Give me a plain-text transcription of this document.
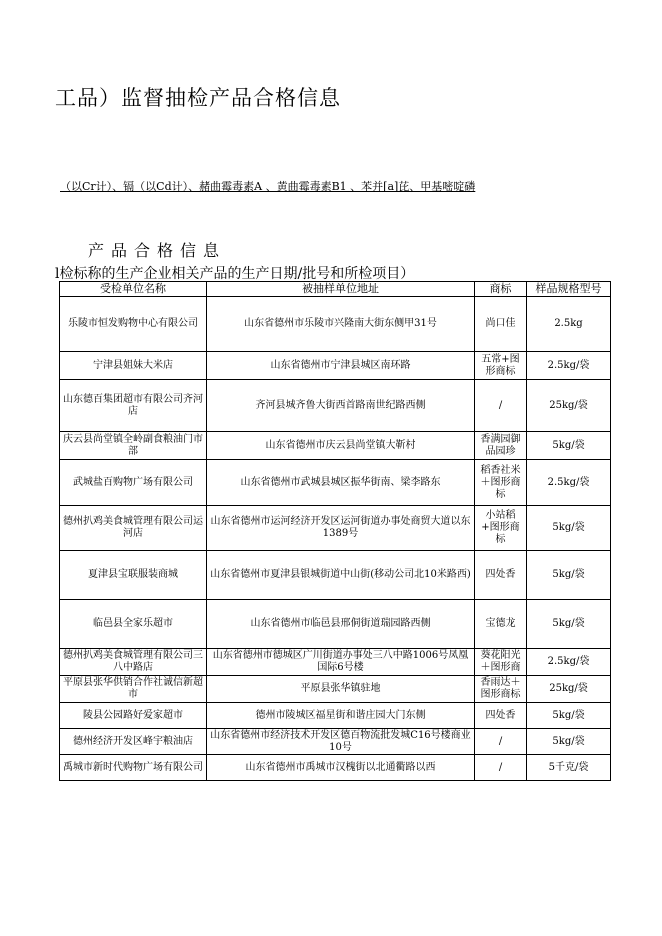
工品）监督抽检产品合格信息
（以Cr计）、镉（以Cd计）、赭曲霉毒素A 、黄曲霉毒素B1 、苯并[a]芘、甲基嘧啶磷
产品合格信息
l检标称的生产企业相关产品的生产日期/批号和所检项目）
受检单位名称	被抽样单位地址	商标	样品规格型号
乐陵市恒发购物中心有限公司	山东省德州市乐陵市兴隆南大街东侧甲31号	尚口佳	2.5kg
宁津县姐妹大米店	山东省德州市宁津县城区南环路	五常+图形商标	2.5kg/袋
山东德百集团超市有限公司齐河店	齐河县城齐鲁大街西首路南世纪路西侧	/	25kg/袋
庆云县尚堂镇全岭副食粮油门市部	山东省德州市庆云县尚堂镇大靳村	香满园御品园珍	5kg/袋
武城盐百购物广场有限公司	山东省德州市武城县城区振华街南、梁李路东	稻香社米＋图形商标	2.5kg/袋
德州扒鸡美食城管理有限公司运河店	山东省德州市运河经济开发区运河街道办事处商贸大道以东1389号	小站稻+图形商标	5kg/袋
夏津县宝联服装商城	山东省德州市夏津县银城街道中山街(移动公司北10米路西)	四处香	5kg/袋
临邑县全家乐超市	山东省德州市临邑县邢侗街道瑞园路西侧	宝德龙	5kg/袋
德州扒鸡美食城管理有限公司三八中路店	山东省德州市德城区广川街道办事处三八中路1006号凤凰国际6号楼	葵花阳光＋图形商	2.5kg/袋
平原县张华供销合作社诚信新超市	平原县张华镇驻地	香雨达＋图形商标	25kg/袋
陵县公园路好爱家超市	德州市陵城区福星街和谐庄园大门东侧	四处香	5kg/袋
德州经济开发区峰宇粮油店	山东省德州市经济技术开发区德百物流批发城C16号楼商业10号	/	5kg/袋
禹城市新时代购物广场有限公司	山东省德州市禹城市汉槐街以北通衢路以西	/	5千克/袋
